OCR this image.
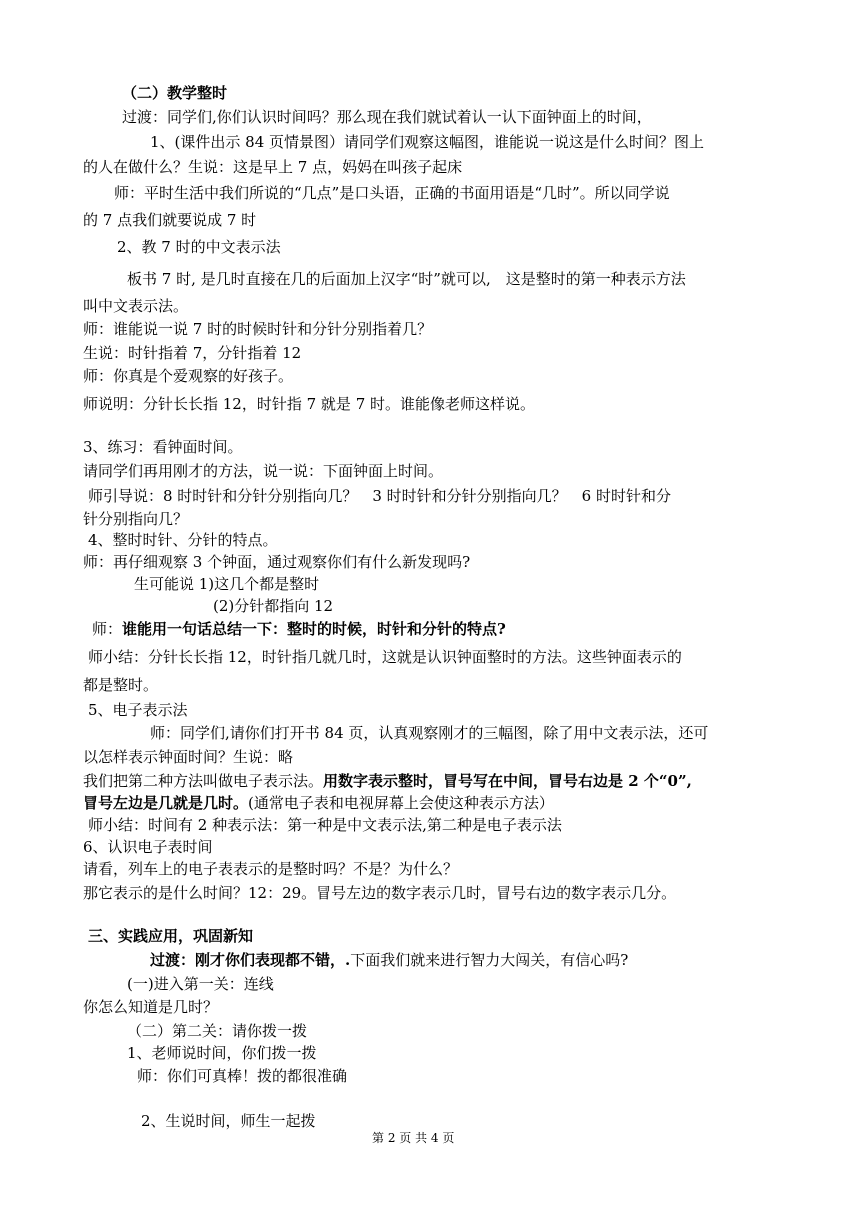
（二）教学整时
过渡：同学们,你们认识时间吗？那么现在我们就试着认一认下面钟面上的时间，
1、(课件出示 84 页情景图）请同学们观察这幅图，谁能说一说这是什么时间？图上
的人在做什么？生说：这是早上 7 点，妈妈在叫孩子起床
师：平时生活中我们所说的“几点”是口头语，正确的书面用语是“几时”。所以同学说
的 7 点我们就要说成 7 时
2、教 7 时的中文表示法
板书 7 时, 是几时直接在几的后面加上汉字“时”就可以,　这是整时的第一种表示方法
叫中文表示法。
师：谁能说一说 7 时的时候时针和分针分别指着几？
生说：时针指着 7，分针指着 12
师：你真是个爱观察的好孩子。
师说明：分针长长指 12，时针指 7 就是 7 时。谁能像老师这样说。
3、练习：看钟面时间。
请同学们再用刚才的方法，说一说：下面钟面上时间。
师引导说：8 时时针和分针分别指向几？　3 时时针和分针分别指向几？　6 时时针和分
针分别指向几？
4、整时时针、分针的特点。
师：再仔细观察 3 个钟面，通过观察你们有什么新发现吗?
生可能说 1)这几个都是整时
(2)分针都指向 12
师：谁能用一句话总结一下：整时的时候，时针和分针的特点?
师小结：分针长长指 12，时针指几就几时，这就是认识钟面整时的方法。这些钟面表示的
都是整时。
5、电子表示法
师：同学们,请你们打开书 84 页，认真观察刚才的三幅图，除了用中文表示法，还可
以怎样表示钟面时间？生说：略
我们把第二种方法叫做电子表示法。用数字表示整时，冒号写在中间，冒号右边是 2 个“0”,
冒号左边是几就是几时。(通常电子表和电视屏幕上会使这种表示方法）
师小结：时间有 2 种表示法：第一种是中文表示法,第二种是电子表示法
6、认识电子表时间
请看，列车上的电子表表示的是整时吗？不是？为什么？
那它表示的是什么时间？12：29。冒号左边的数字表示几时，冒号右边的数字表示几分。
三、实践应用，巩固新知
过渡：刚才你们表现都不错，.下面我们就来进行智力大闯关，有信心吗?
(一)进入第一关：连线
你怎么知道是几时？
（二）第二关：请你拨一拨
1、老师说时间，你们拨一拨
师：你们可真棒！拨的都很准确
2、生说时间，师生一起拨
第 2 页 共 4 页
